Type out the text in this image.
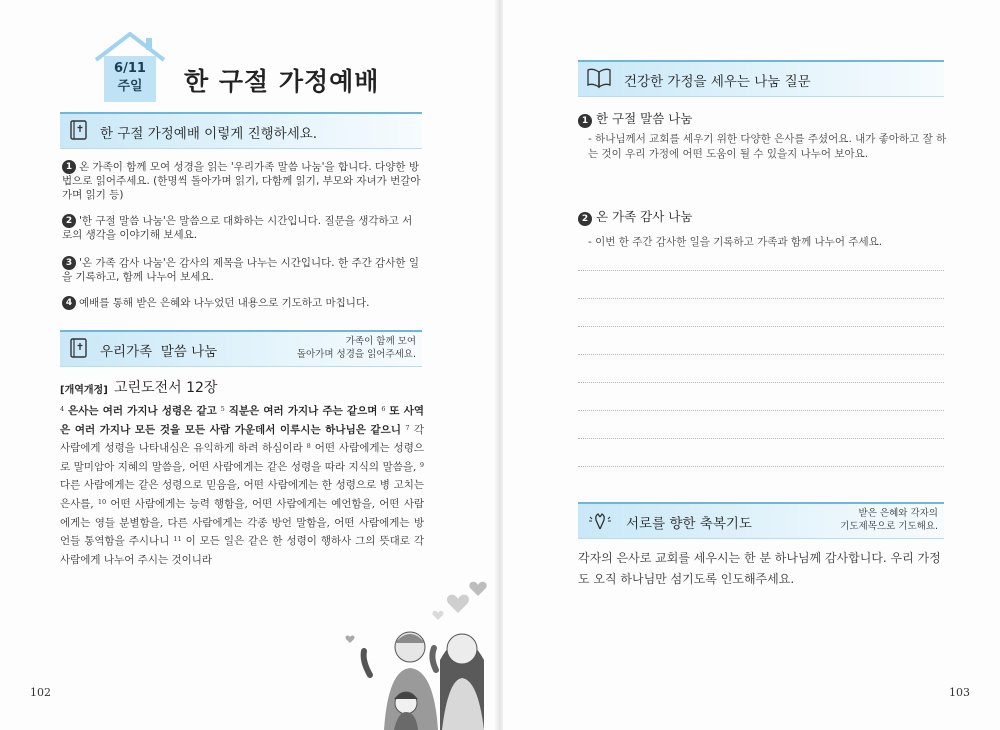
6/11
주일	한 구절 가정예배
한 구절 가정예배 이렇게 진행하세요.
1 온 가족이 함께 모여 성경을 읽는 '우리가족 말씀 나눔'을 합니다. 다양한 방법으로 읽어주세요. (한명씩 돌아가며 읽기, 다함께 읽기, 부모와 자녀가 번갈아가며 읽기 등)
2 '한 구절 말씀 나눔'은 말씀으로 대화하는 시간입니다. 질문을 생각하고 서로의 생각을 이야기해 보세요.
3 '온 가족 감사 나눔'은 감사의 제목을 나누는 시간입니다. 한 주간 감사한 일을 기록하고, 함께 나누어 보세요.
4 예배를 통해 받은 은혜와 나누었던 내용으로 기도하고 마칩니다.
우리가족  말씀 나눔
가족이 함께 모여
돌아가며 성경을 읽어주세요.
[개역개정] 고린도전서 12장
$^4$ 은사는 여러 가지나 성령은 같고 $^5$ 직분은 여러 가지나 주는 같으며 $^6$ 또 사역은 여러 가지나 모든 것을 모든 사람 가운데서 이루시는 하나님은 같으니 $^7$ 각 사람에게 성령을 나타내심은 유익하게 하려 하심이라 $^8$ 어떤 사람에게는 성령으로 말미암아 지혜의 말씀을, 어떤 사람에게는 같은 성령을 따라 지식의 말씀을, $^9$ 다른 사람에게는 같은 성령으로 믿음을, 어떤 사람에게는 한 성령으로 병 고치는 은사를, $^{10}$ 어떤 사람에게는 능력 행함을, 어떤 사람에게는 예언함을, 어떤 사람에게는 영들 분별함을, 다른 사람에게는 각종 방언 말함을, 어떤 사람에게는 방언들 통역함을 주시나니 $^{11}$ 이 모든 일은 같은 한 성령이 행하사 그의 뜻대로 각 사람에게 나누어 주시는 것이니라
102	103
건강한 가정을 세우는 나눔 질문
1 한 구절 말씀 나눔
- 하나님께서 교회를 세우기 위한 다양한 은사를 주셨어요. 내가 좋아하고 잘 하는 것이 우리 가정에 어떤 도움이 될 수 있을지 나누어 보아요.
2 온 가족 감사 나눔
- 이번 한 주간 감사한 일을 기록하고 가족과 함께 나누어 주세요.
서로를 향한 축복기도
받은 은혜와 각자의
기도제목으로 기도해요.
각자의 은사로 교회를 세우시는 한 분 하나님께 감사합니다. 우리 가정도 오직 하나님만 섬기도록 인도해주세요.
